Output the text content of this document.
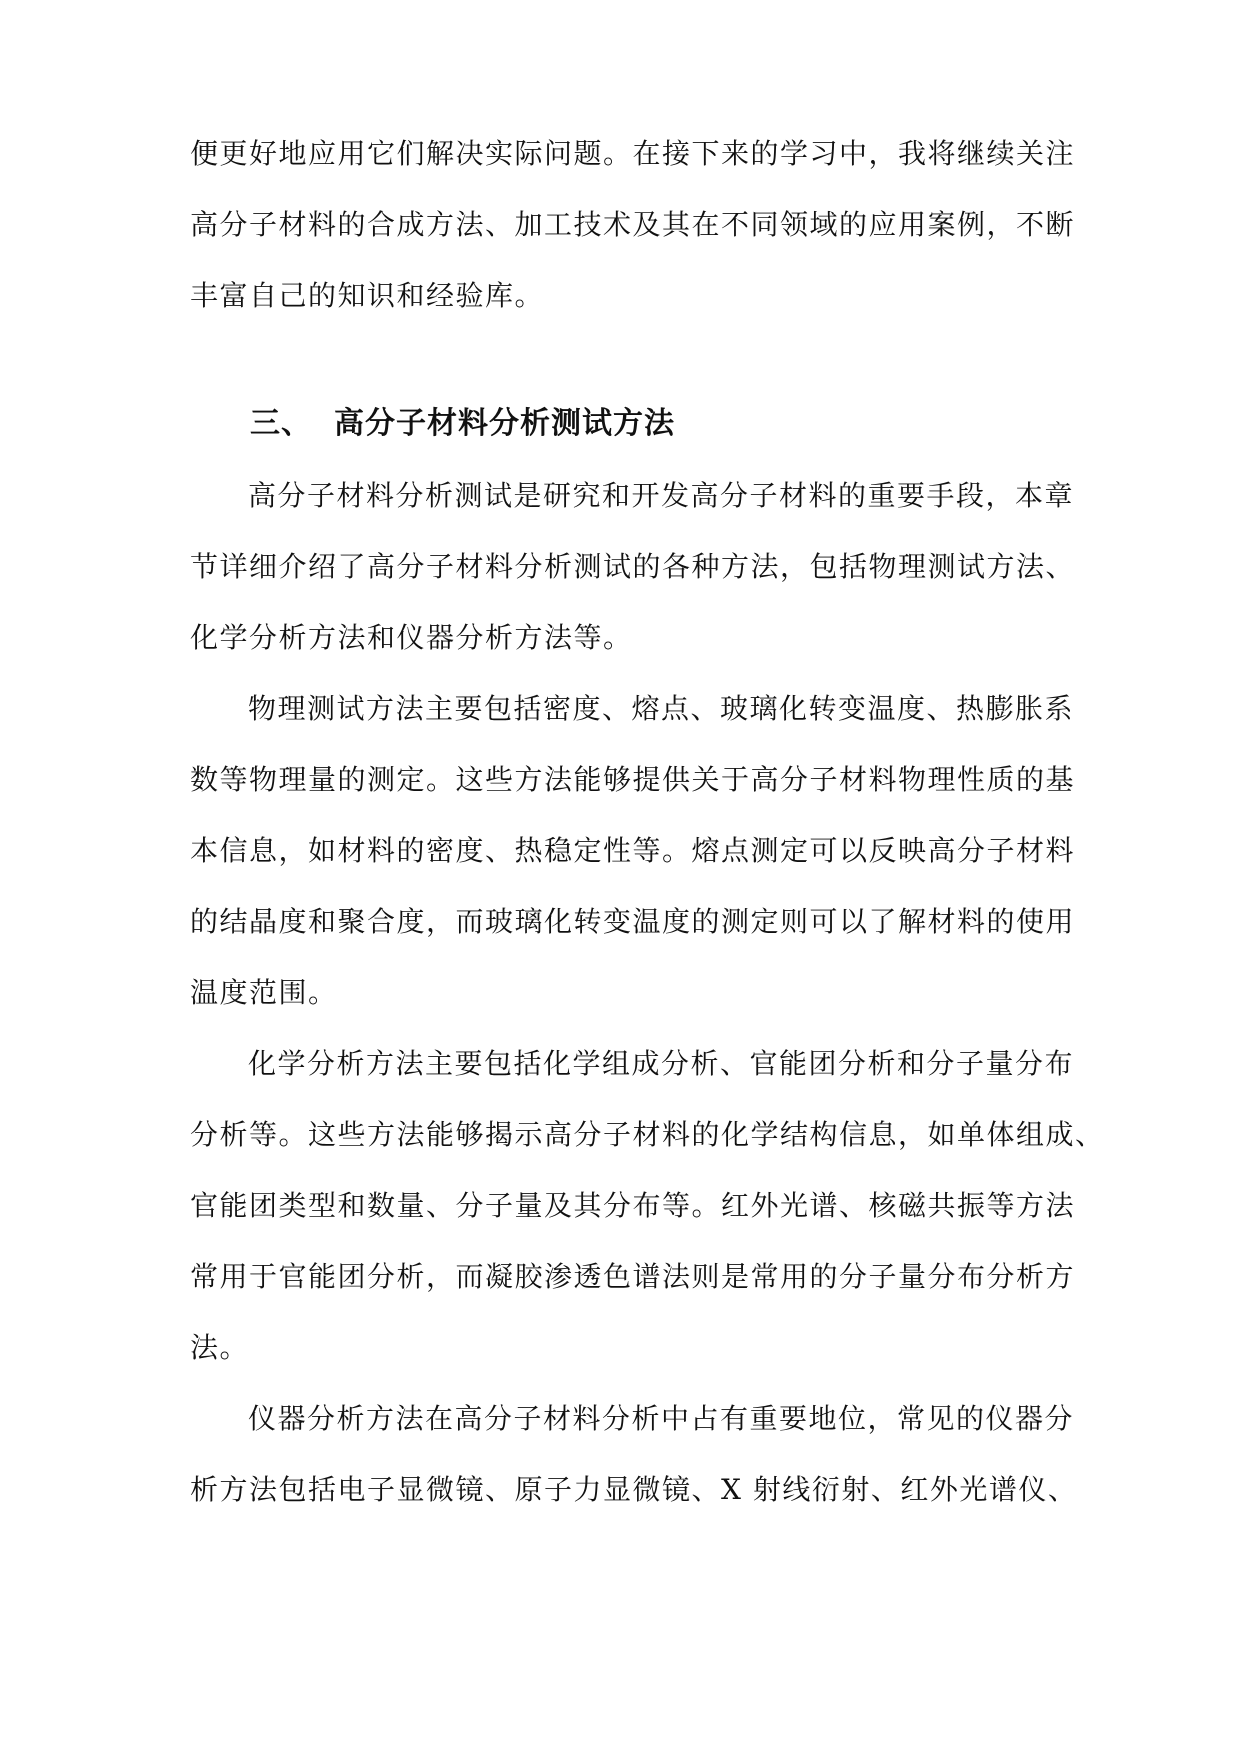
便更好地应用它们解决实际问题。在接下来的学习中，我将继续关注
高分子材料的合成方法、加工技术及其在不同领域的应用案例，不断
丰富自己的知识和经验库。
三、 高分子材料分析测试方法
高分子材料分析测试是研究和开发高分子材料的重要手段，本章
节详细介绍了高分子材料分析测试的各种方法，包括物理测试方法、
化学分析方法和仪器分析方法等。
物理测试方法主要包括密度、熔点、玻璃化转变温度、热膨胀系
数等物理量的测定。这些方法能够提供关于高分子材料物理性质的基
本信息，如材料的密度、热稳定性等。熔点测定可以反映高分子材料
的结晶度和聚合度，而玻璃化转变温度的测定则可以了解材料的使用
温度范围。
化学分析方法主要包括化学组成分析、官能团分析和分子量分布
分析等。这些方法能够揭示高分子材料的化学结构信息，如单体组成、
官能团类型和数量、分子量及其分布等。红外光谱、核磁共振等方法
常用于官能团分析，而凝胶渗透色谱法则是常用的分子量分布分析方
法。
仪器分析方法在高分子材料分析中占有重要地位，常见的仪器分
析方法包括电子显微镜、原子力显微镜、X 射线衍射、红外光谱仪、
